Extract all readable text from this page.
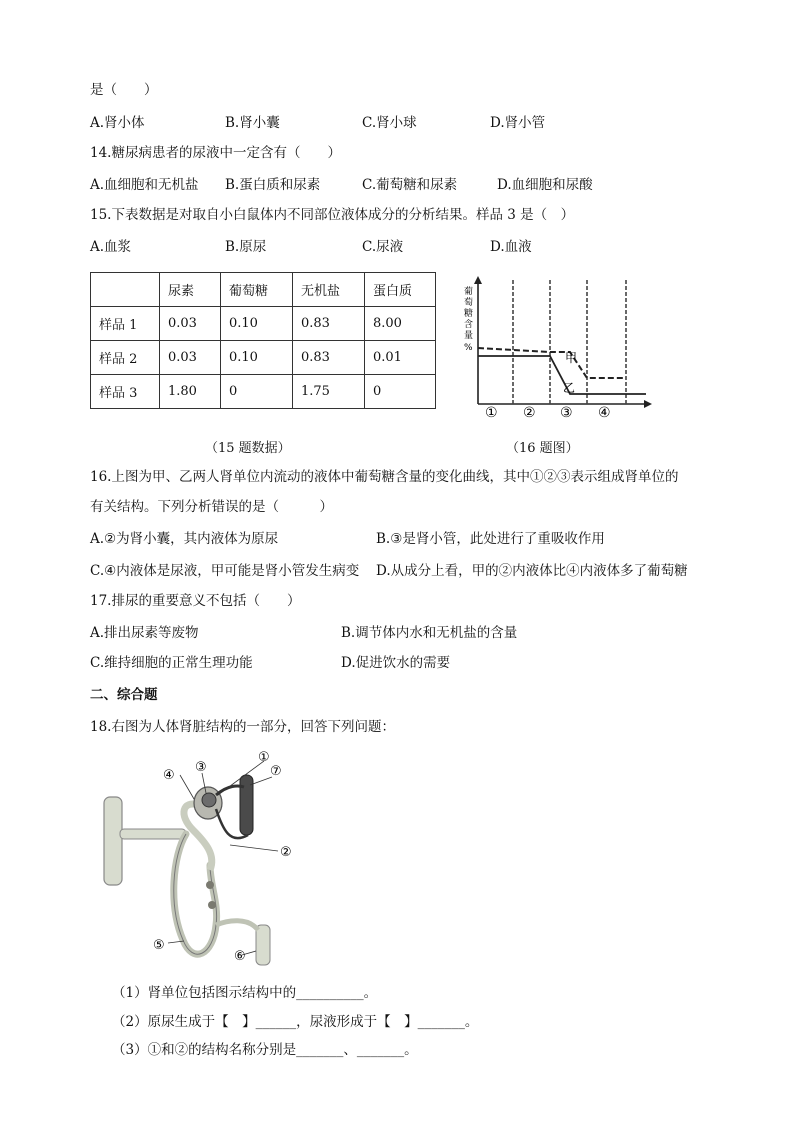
是（　　）
A.肾小体	B.肾小囊	C.肾小球	D.肾小管
14.糖尿病患者的尿液中一定含有（　　）
A.血细胞和无机盐 B.蛋白质和尿素	C.葡萄糖和尿素	D.血细胞和尿酸
15.下表数据是对取自小白鼠体内不同部位液体成分的分析结果。样品 3 是（　）
A.血浆	B.原尿	C.尿液	D.血液
	尿素	葡萄糖	无机盐	蛋白质
样品 1	0.03	0.10	0.83	8.00
样品 2	0.03	0.10	0.83	0.01
样品 3	1.80	0	1.75	0
葡
萄
糖
含
量
%
甲
乙
① ② ③ ④
（15 题数据）	（16 题图）
16.上图为甲、乙两人肾单位内流动的液体中葡萄糖含量的变化曲线，其中①②③表示组成肾单位的
有关结构。下列分析错误的是（　　　）
A.②为肾小囊，其内液体为原尿	B.③是肾小管，此处进行了重吸收作用
C.④内液体是尿液，甲可能是肾小管发生病变 D.从成分上看，甲的②内液体比④内液体多了葡萄糖
17.排尿的重要意义不包括（　　）
A.排出尿素等废物	B.调节体内水和无机盐的含量
C.维持细胞的正常生理功能	D.促进饮水的需要
二、综合题
18.右图为人体肾脏结构的一部分，回答下列问题：
①
②
③
④
⑤
⑥
⑦
（1）肾单位包括图示结构中的__________。
（2）原尿生成于【　】______，尿液形成于【　】_______。
（3）①和②的结构名称分别是_______、_______。
